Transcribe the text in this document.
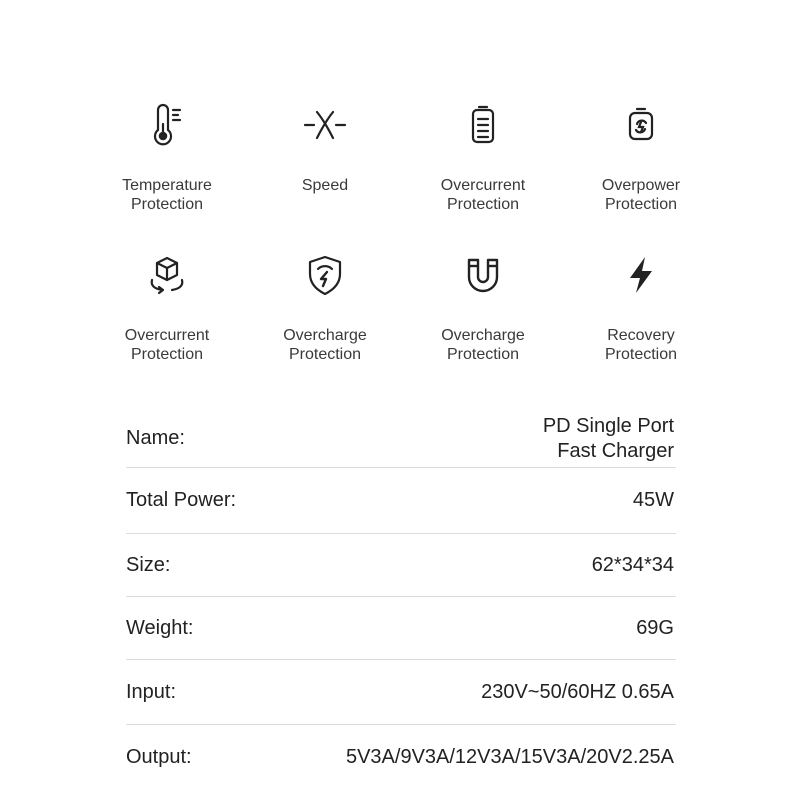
Temperature
Protection
Speed	Overcurrent
Protection
Overpower
Protection
Overcurrent
Protection
Overcharge
Protection
Overcharge
Protection
Recovery
Protection
Name:
PD Single Port
Fast Charger
Total Power:	45W
Size:	62*34*34
Weight:	69G
Input:	230V~50/60HZ 0.65A
Output:	5V3A/9V3A/12V3A/15V3A/20V2.25A
